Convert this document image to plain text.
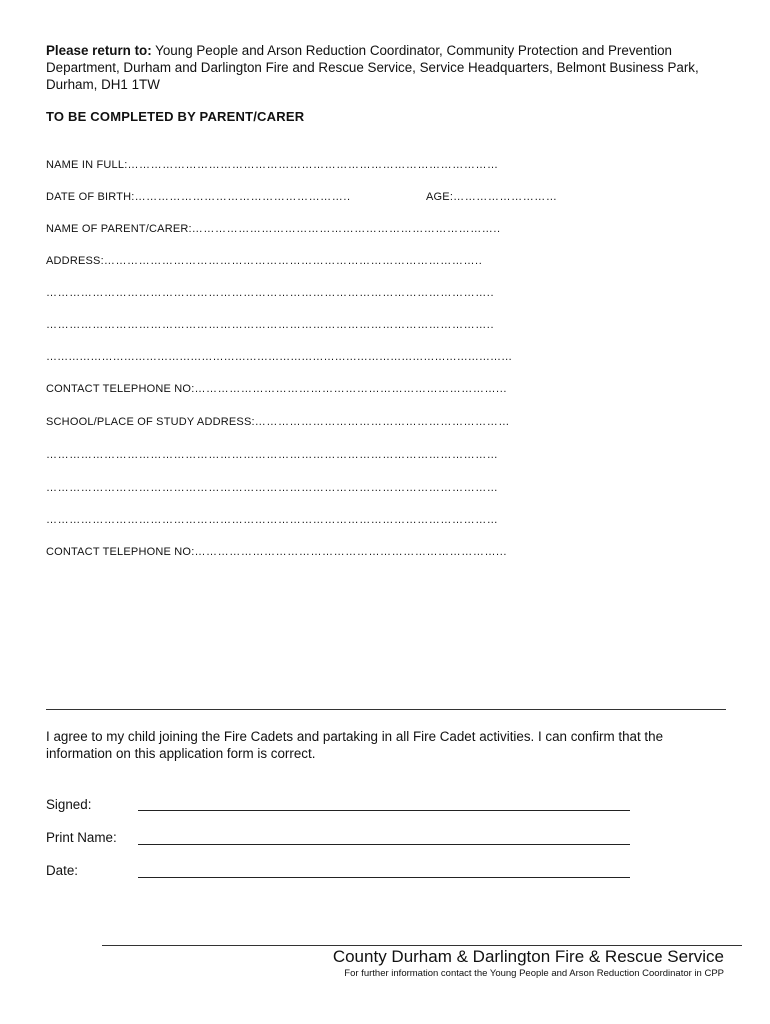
Please return to: Young People and Arson Reduction Coordinator, Community Protection and Prevention Department, Durham and Darlington Fire and Rescue Service, Service Headquarters, Belmont Business Park, Durham, DH1 1TW
TO BE COMPLETED BY PARENT/CARER
NAME IN FULL:……………………………………………………………………………………
DATE OF BIRTH:………………………………………………..	AGE:………………………
NAME OF PARENT/CARER:……………………………………………………………………..
ADDRESS:……………………………………………………………………………………..
……………………………………………………………………………………………………..
……………………………………………………………………………………………………..
………………………………………………………………………………………………………………
CONTACT TELEPHONE NO:……………………………………………………………………...
SCHOOL/PLACE OF STUDY ADDRESS:…………………………………………………………
………………………………………………………………………………………………………
………………………………………………………………………………………………………
………………………………………………………………………………………………………
CONTACT TELEPHONE NO:……………………………………………………………………...
I agree to my child joining the Fire Cadets and partaking in all Fire Cadet activities. I can confirm that the information on this application form is correct.
Signed:
Print Name:
Date:
County Durham & Darlington Fire & Rescue Service
For further information contact the Young People and Arson Reduction Coordinator in CPP
